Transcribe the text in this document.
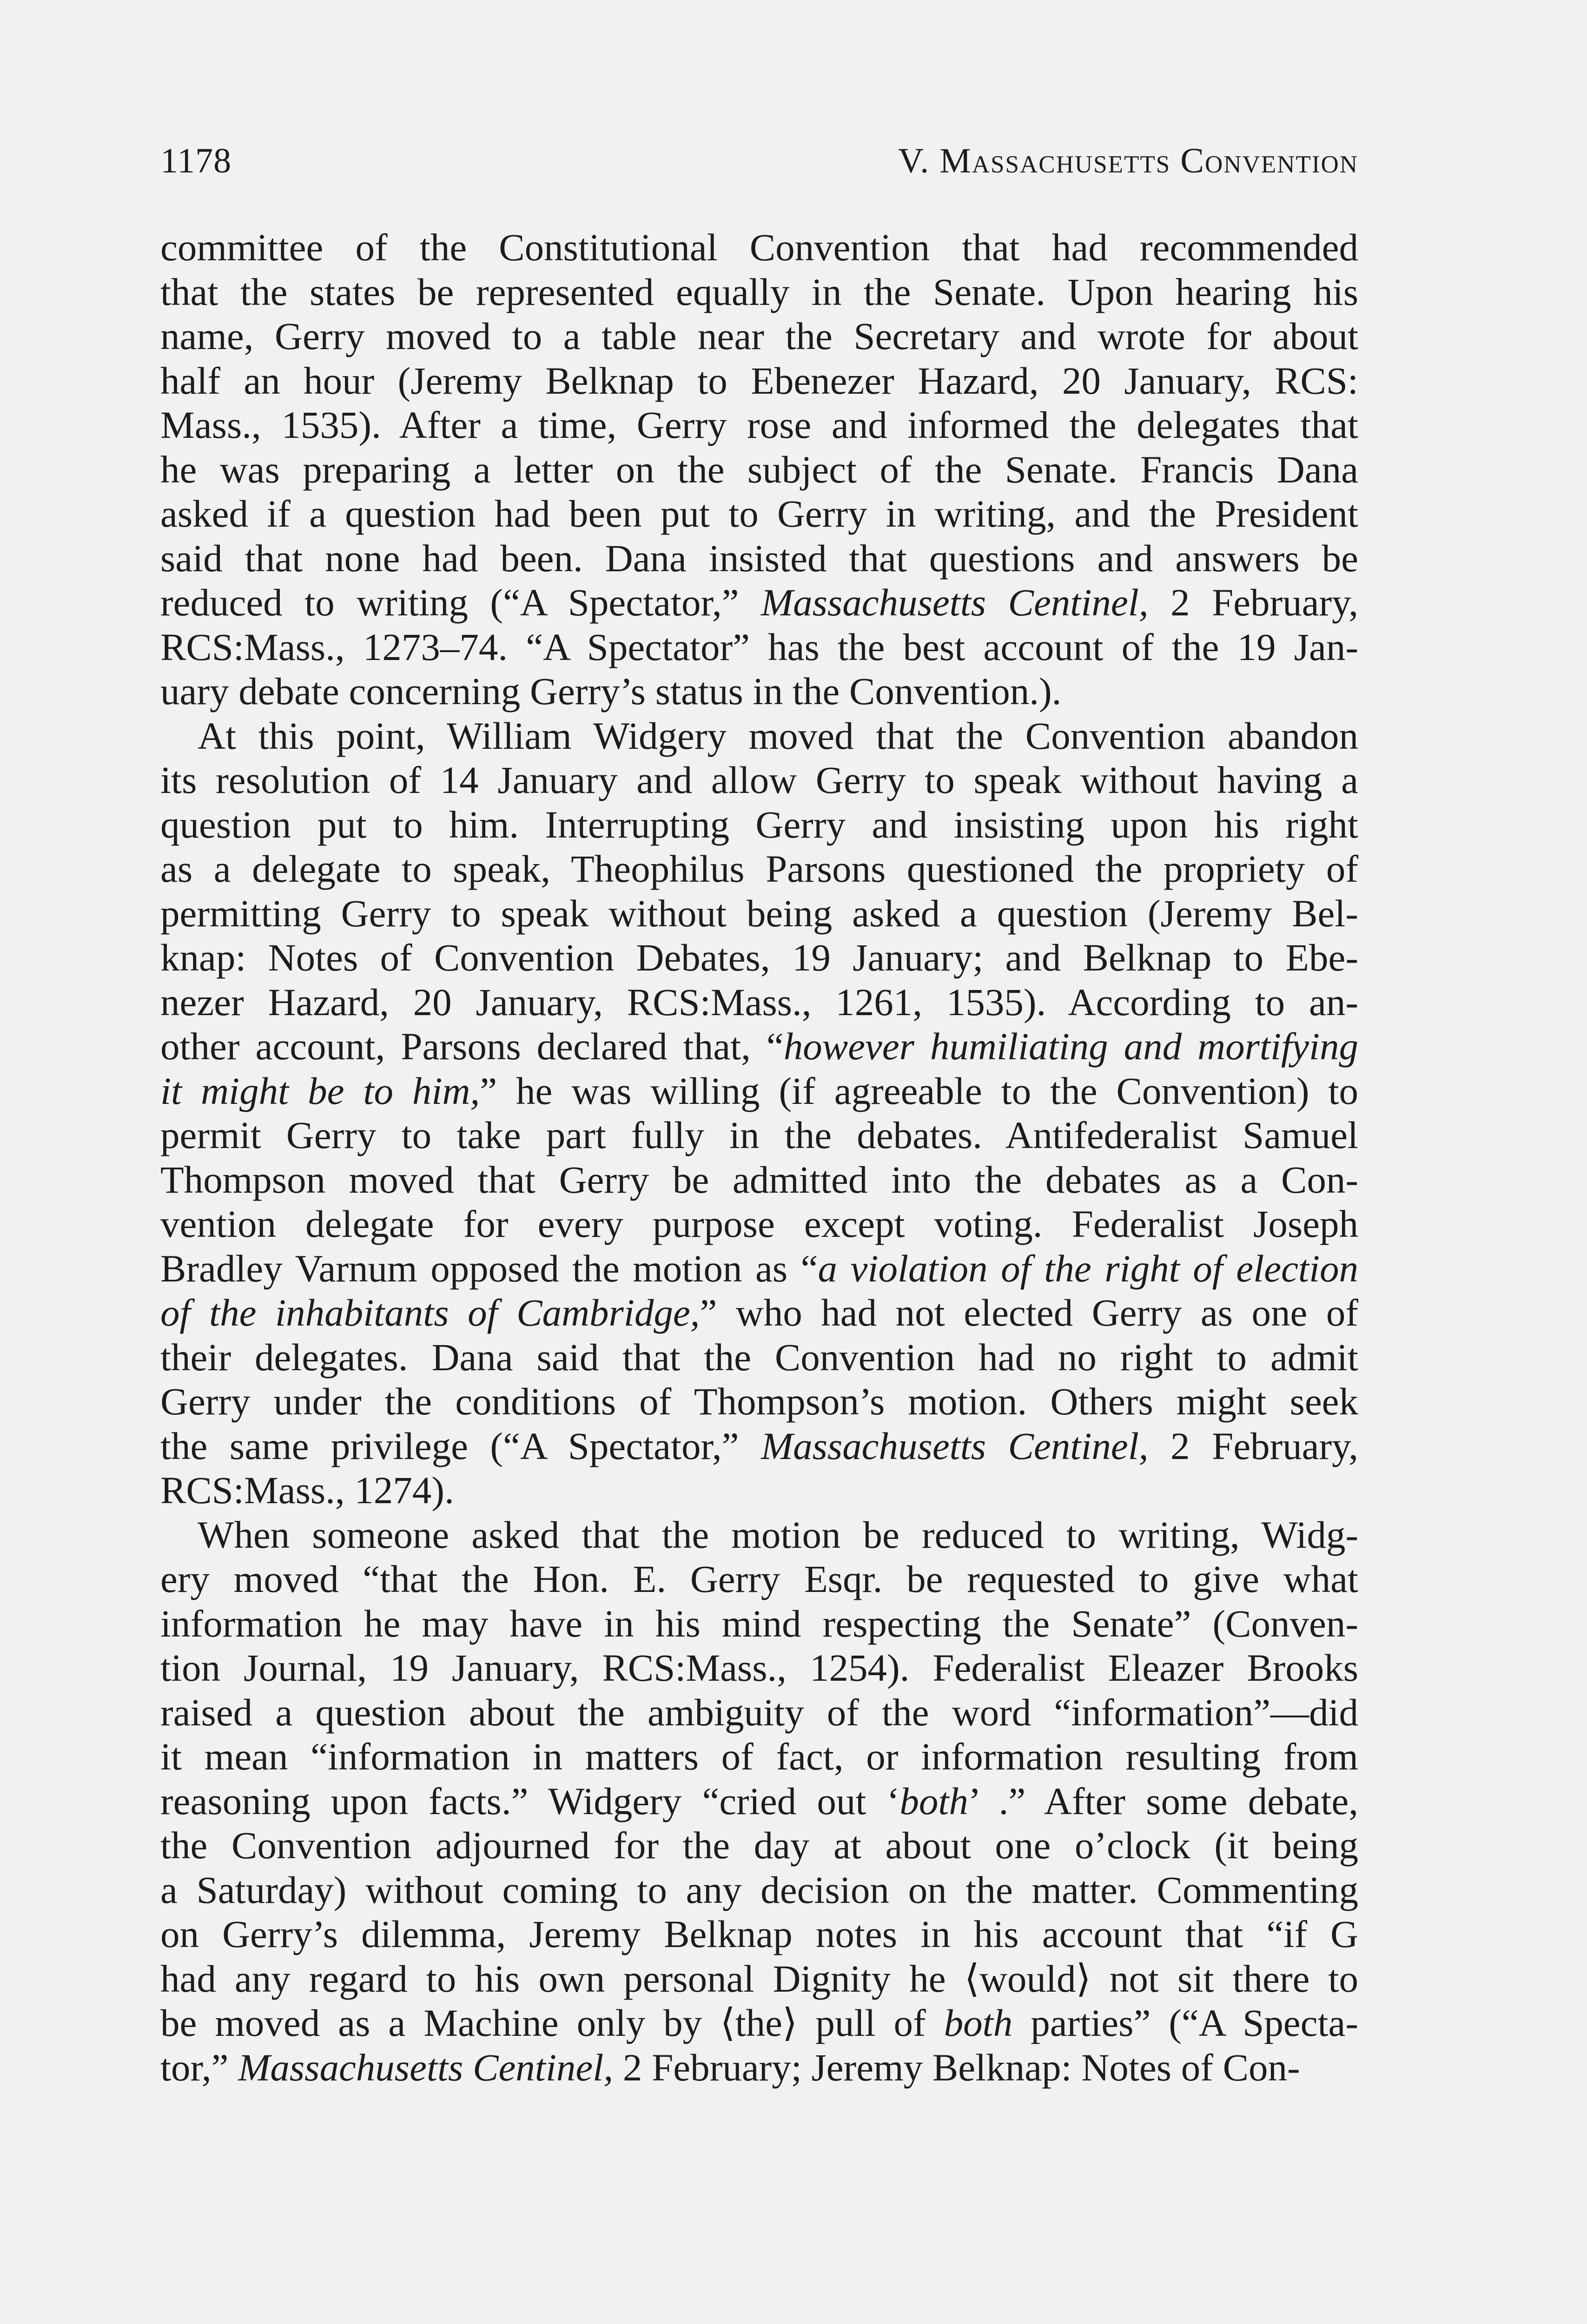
1178	V. Massachusetts Convention
committee of the Constitutional Convention that had recommended
that the states be represented equally in the Senate. Upon hearing his
name, Gerry moved to a table near the Secretary and wrote for about
half an hour (Jeremy Belknap to Ebenezer Hazard, 20 January, RCS:
Mass., 1535). After a time, Gerry rose and informed the delegates that
he was preparing a letter on the subject of the Senate. Francis Dana
asked if a question had been put to Gerry in writing, and the President
said that none had been. Dana insisted that questions and answers be
reduced to writing (“A Spectator,” Massachusetts Centinel, 2 February,
RCS:Mass., 1273–74. “A Spectator” has the best account of the 19 Jan-
uary debate concerning Gerry’s status in the Convention.).
At this point, William Widgery moved that the Convention abandon
its resolution of 14 January and allow Gerry to speak without having a
question put to him. Interrupting Gerry and insisting upon his right
as a delegate to speak, Theophilus Parsons questioned the propriety of
permitting Gerry to speak without being asked a question (Jeremy Bel-
knap: Notes of Convention Debates, 19 January; and Belknap to Ebe-
nezer Hazard, 20 January, RCS:Mass., 1261, 1535). According to an-
other account, Parsons declared that, “however humiliating and mortifying
it might be to him,” he was willing (if agreeable to the Convention) to
permit Gerry to take part fully in the debates. Antifederalist Samuel
Thompson moved that Gerry be admitted into the debates as a Con-
vention delegate for every purpose except voting. Federalist Joseph
Bradley Varnum opposed the motion as “a violation of the right of election
of the inhabitants of Cambridge,” who had not elected Gerry as one of
their delegates. Dana said that the Convention had no right to admit
Gerry under the conditions of Thompson’s motion. Others might seek
the same privilege (“A Spectator,” Massachusetts Centinel, 2 February,
RCS:Mass., 1274).
When someone asked that the motion be reduced to writing, Widg-
ery moved “that the Hon. E. Gerry Esqr. be requested to give what
information he may have in his mind respecting the Senate” (Conven-
tion Journal, 19 January, RCS:Mass., 1254). Federalist Eleazer Brooks
raised a question about the ambiguity of the word “information”—did
it mean “information in matters of fact, or information resulting from
reasoning upon facts.” Widgery “cried out ‘both’ .” After some debate,
the Convention adjourned for the day at about one o’clock (it being
a Saturday) without coming to any decision on the matter. Commenting
on Gerry’s dilemma, Jeremy Belknap notes in his account that “if G
had any regard to his own personal Dignity he ⟨would⟩ not sit there to
be moved as a Machine only by ⟨the⟩ pull of both parties” (“A Specta-
tor,” Massachusetts Centinel, 2 February; Jeremy Belknap: Notes of Con-
